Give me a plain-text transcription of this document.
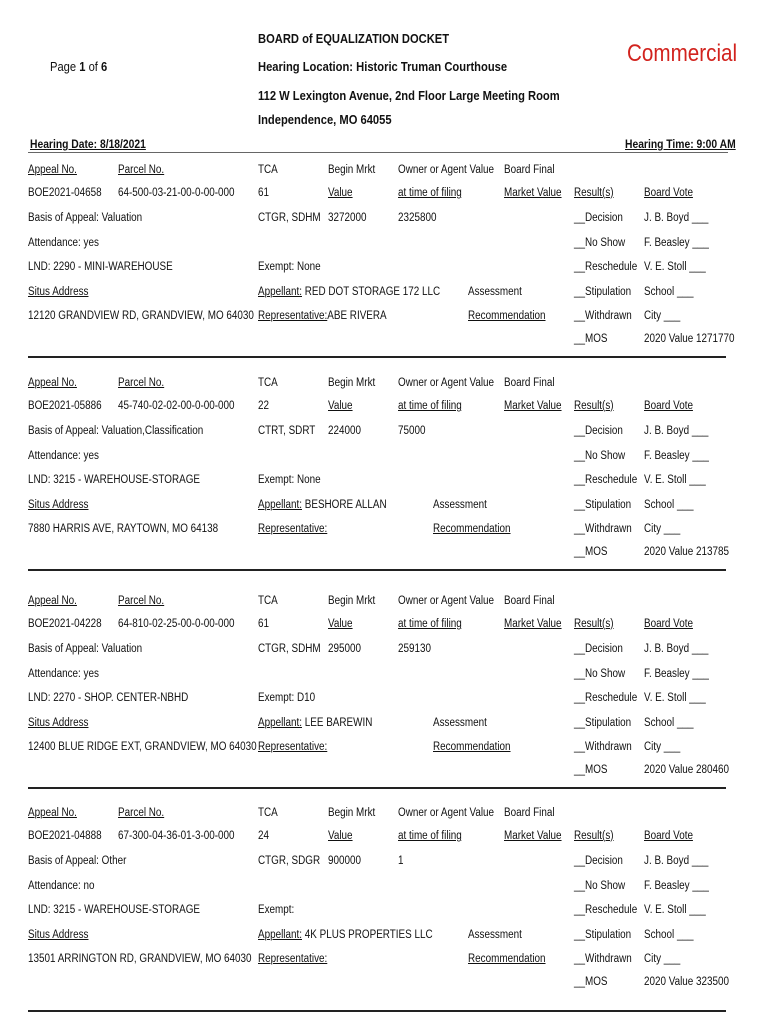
Page 1 of 6
BOARD of EQUALIZATION DOCKET
Hearing Location: Historic Truman Courthouse
112 W Lexington Avenue, 2nd Floor Large Meeting Room
Independence, MO 64055
Commercial
Hearing Date: 8/18/2021	Hearing Time: 9:00 AM
Appeal No.	Parcel No.	TCA	Begin Mrkt Owner or Agent Value Board Final
BOE2021-04658 64-500-03-21-00-0-00-000 61	Value	at time of filing	Market Value Result(s)	Board Vote
Basis of Appeal: Valuation	CTGR, SDHM 3272000	2325800	__Decision J. B. Boyd ___
Attendance: yes	__No Show F. Beasley ___
LND: 2290 - MINI-WAREHOUSE	Exempt: None	__Reschedule V. E. Stoll ___
Situs Address	Appellant: RED DOT STORAGE 172 LLC Assessment	__Stipulation School ___
12120 GRANDVIEW RD, GRANDVIEW, MO 64030 Representative:ABE RIVERA	Recommendation __Withdrawn City ___
__MOS	2020 Value 1271770
Appeal No.	Parcel No.	TCA	Begin Mrkt Owner or Agent Value Board Final
BOE2021-05886 45-740-02-02-00-0-00-000 22	Value	at time of filing	Market Value Result(s)	Board Vote
Basis of Appeal: Valuation,Classification	CTRT, SDRT 224000	75000	__Decision J. B. Boyd ___
Attendance: yes	__No Show F. Beasley ___
LND: 3215 - WAREHOUSE-STORAGE	Exempt: None	__Reschedule V. E. Stoll ___
Situs Address	Appellant: BESHORE ALLAN	Assessment	__Stipulation School ___
7880 HARRIS AVE, RAYTOWN, MO 64138	Representative:	Recommendation	__Withdrawn City ___
__MOS	2020 Value 213785
Appeal No.	Parcel No.	TCA	Begin Mrkt Owner or Agent Value Board Final
BOE2021-04228 64-810-02-25-00-0-00-000 61	Value	at time of filing	Market Value Result(s)	Board Vote
Basis of Appeal: Valuation	CTGR, SDHM 295000	259130	__Decision J. B. Boyd ___
Attendance: yes	__No Show F. Beasley ___
LND: 2270 - SHOP. CENTER-NBHD	Exempt: D10	__Reschedule V. E. Stoll ___
Situs Address	Appellant: LEE BAREWIN	Assessment	__Stipulation School ___
12400 BLUE RIDGE EXT, GRANDVIEW, MO 64030 Representative:	Recommendation	__Withdrawn City ___
__MOS	2020 Value 280460
Appeal No.	Parcel No.	TCA	Begin Mrkt Owner or Agent Value Board Final
BOE2021-04888 67-300-04-36-01-3-00-000 24	Value	at time of filing	Market Value Result(s)	Board Vote
Basis of Appeal: Other	CTGR, SDGR 900000	1	__Decision J. B. Boyd ___
Attendance: no	__No Show F. Beasley ___
LND: 3215 - WAREHOUSE-STORAGE	Exempt:	__Reschedule V. E. Stoll ___
Situs Address	Appellant: 4K PLUS PROPERTIES LLC	Assessment	__Stipulation School ___
13501 ARRINGTON RD, GRANDVIEW, MO 64030 Representative:	Recommendation __Withdrawn City ___
__MOS	2020 Value 323500
